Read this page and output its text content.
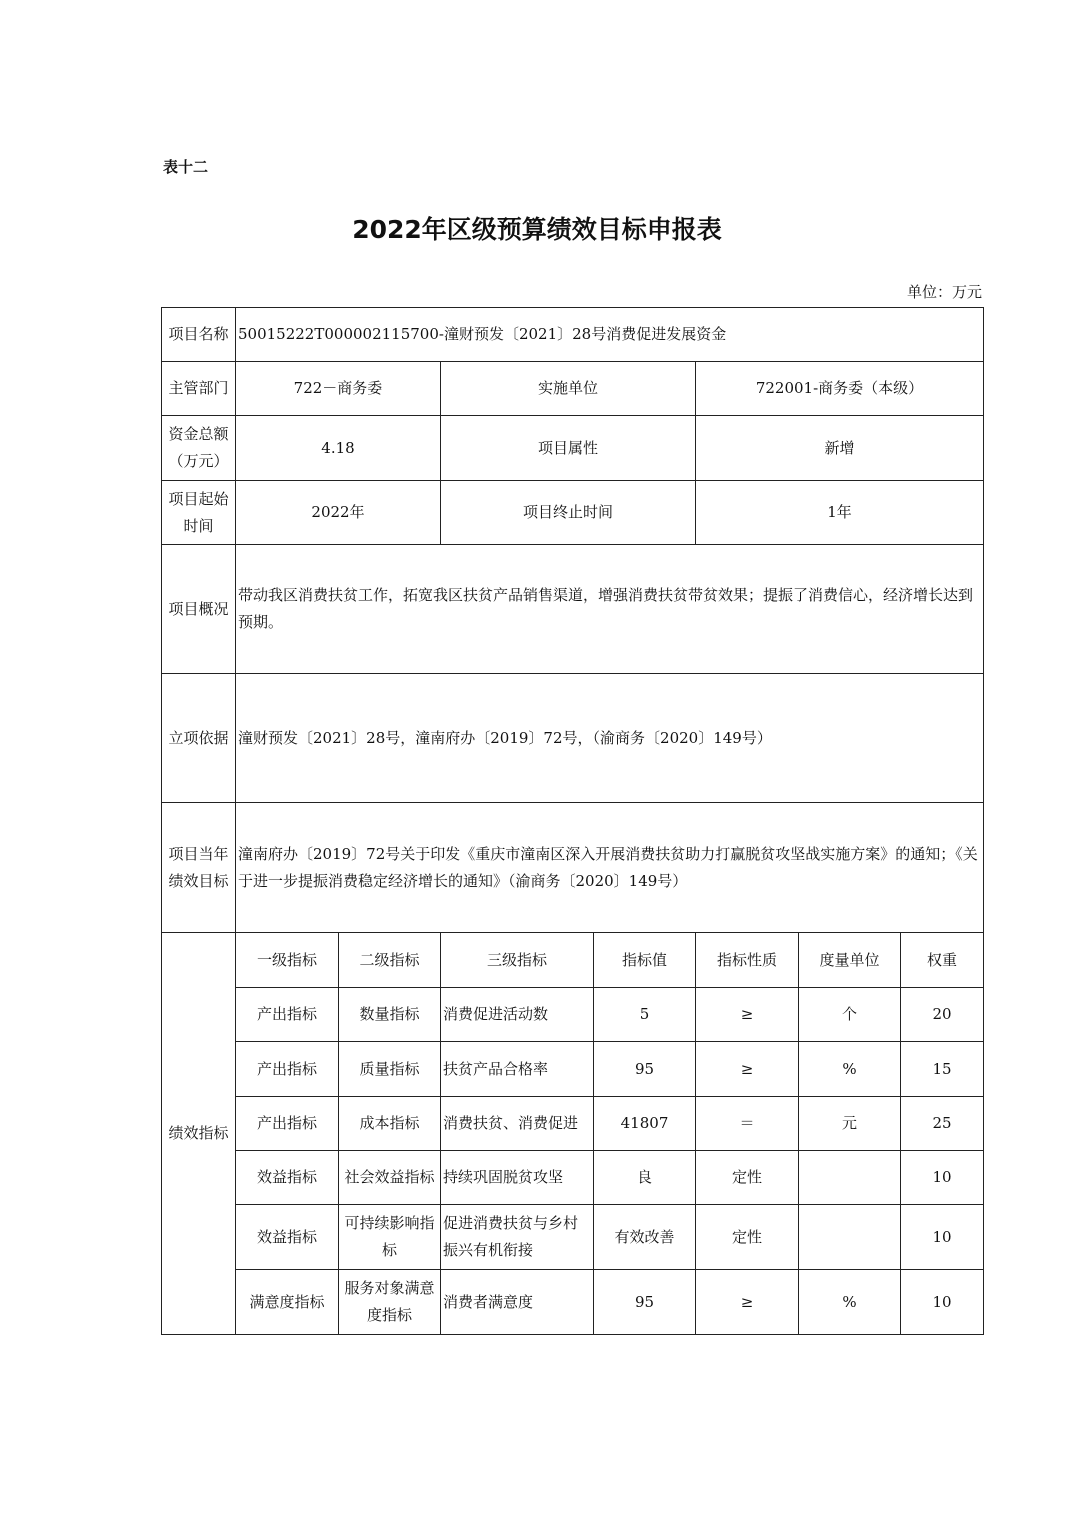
表十二
2022年区级预算绩效目标申报表
单位：万元
项目名称	50015222T000002115700-潼财预发〔2021〕28号消费促进发展资金						
主管部门	722－商务委		实施单位		722001-商务委（本级）		

资金总额
（万元）	4.18		项目属性		新增		

项目起始
时间	2022年		项目终止时间		1年		
项目概况	带动我区消费扶贫工作，拓宽我区扶贫产品销售渠道，增强消费扶贫带贫效果；提振了消费信心，经济增长达到预期。						
立项依据	潼财预发〔2021〕28号，潼南府办〔2019〕72号，（渝商务〔2020〕149号）						

项目当年
绩效目标	潼南府办〔2019〕72号关于印发《重庆市潼南区深入开展消费扶贫助力打赢脱贫攻坚战实施方案》的通知；《关于进一步提振消费稳定经济增长的通知》（渝商务〔2020〕149号）						
绩效指标	一级指标	二级指标	三级指标	指标值	指标性质	度量单位	权重
	产出指标	数量指标	消费促进活动数	5	≥	个	20
	产出指标	质量指标	扶贫产品合格率	95	≥	%	15
	产出指标	成本指标	消费扶贫、消费促进	41807	＝	元	25
	效益指标	社会效益指标	持续巩固脱贫攻坚	良	定性		10
	效益指标	可持续影响指标	促进消费扶贫与乡村振兴有机衔接	有效改善	定性		10
	满意度指标	服务对象满意度指标	消费者满意度	95	≥	%	10
